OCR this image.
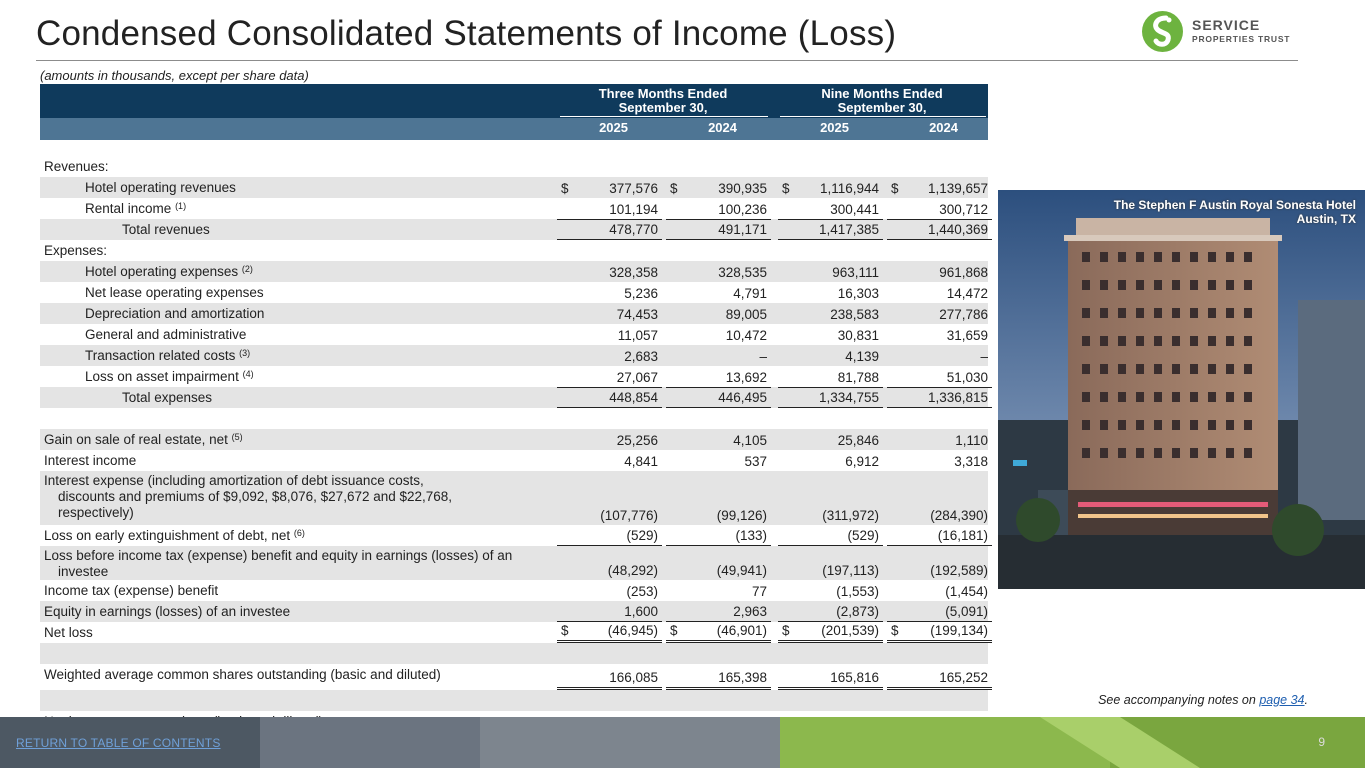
Condensed Consolidated Statements of Income (Loss)	SERVICE
PROPERTIES TRUST
(amounts in thousands, except per share data)
Three Months Ended
September 30,
Nine Months Ended
September 30,
2025	2024	2025	2024
Revenues:
Hotel operating revenues	$	377,576 $	390,935 $ 1,116,944 $ 1,139,657
Rental income $^{(1)}$	101,194	100,236	300,441	300,712
Total revenues	478,770	491,171	1,417,385	1,440,369
Expenses:
Hotel operating expenses $^{(2)}$	328,358	328,535	963,111	961,868
Net lease operating expenses	5,236	4,791	16,303	14,472
Depreciation and amortization	74,453	89,005	238,583	277,786
General and administrative	11,057	10,472	30,831	31,659
Transaction related costs $^{(3)}$	2,683	–	4,139	–
Loss on asset impairment $^{(4)}$	27,067	13,692	81,788	51,030
Total expenses	448,854	446,495	1,334,755	1,336,815
Gain on sale of real estate, net $^{(5)}$	25,256	4,105	25,846	1,110
Interest income	4,841	537	6,912	3,318
Interest expense (including amortization of debt issuance costs,
discounts and premiums of $9,092, $8,076, $27,672 and $22,768,
respectively)	(107,776)	(99,126)	(311,972)	(284,390)
Loss on early extinguishment of debt, net $^{(6)}$	(529)	(133)	(529)	(16,181)
Loss before income tax (expense) benefit and equity in earnings (losses) of an
investee	(48,292)	(49,941)	(197,113)	(192,589)
Income tax (expense) benefit	(253)	77	(1,553)	(1,454)
Equity in earnings (losses) of an investee	1,600	2,963	(2,873)	(5,091)
Net loss	$	(46,945) $	(46,901) $ (201,539) $ (199,134)
Weighted average common shares outstanding (basic and diluted)	166,085	165,398	165,816	165,252
The Stephen F Austin Royal Sonesta Hotel
Austin, TX
See accompanying notes on page 34.
RETURN TO TABLE OF CONTENTS	9
